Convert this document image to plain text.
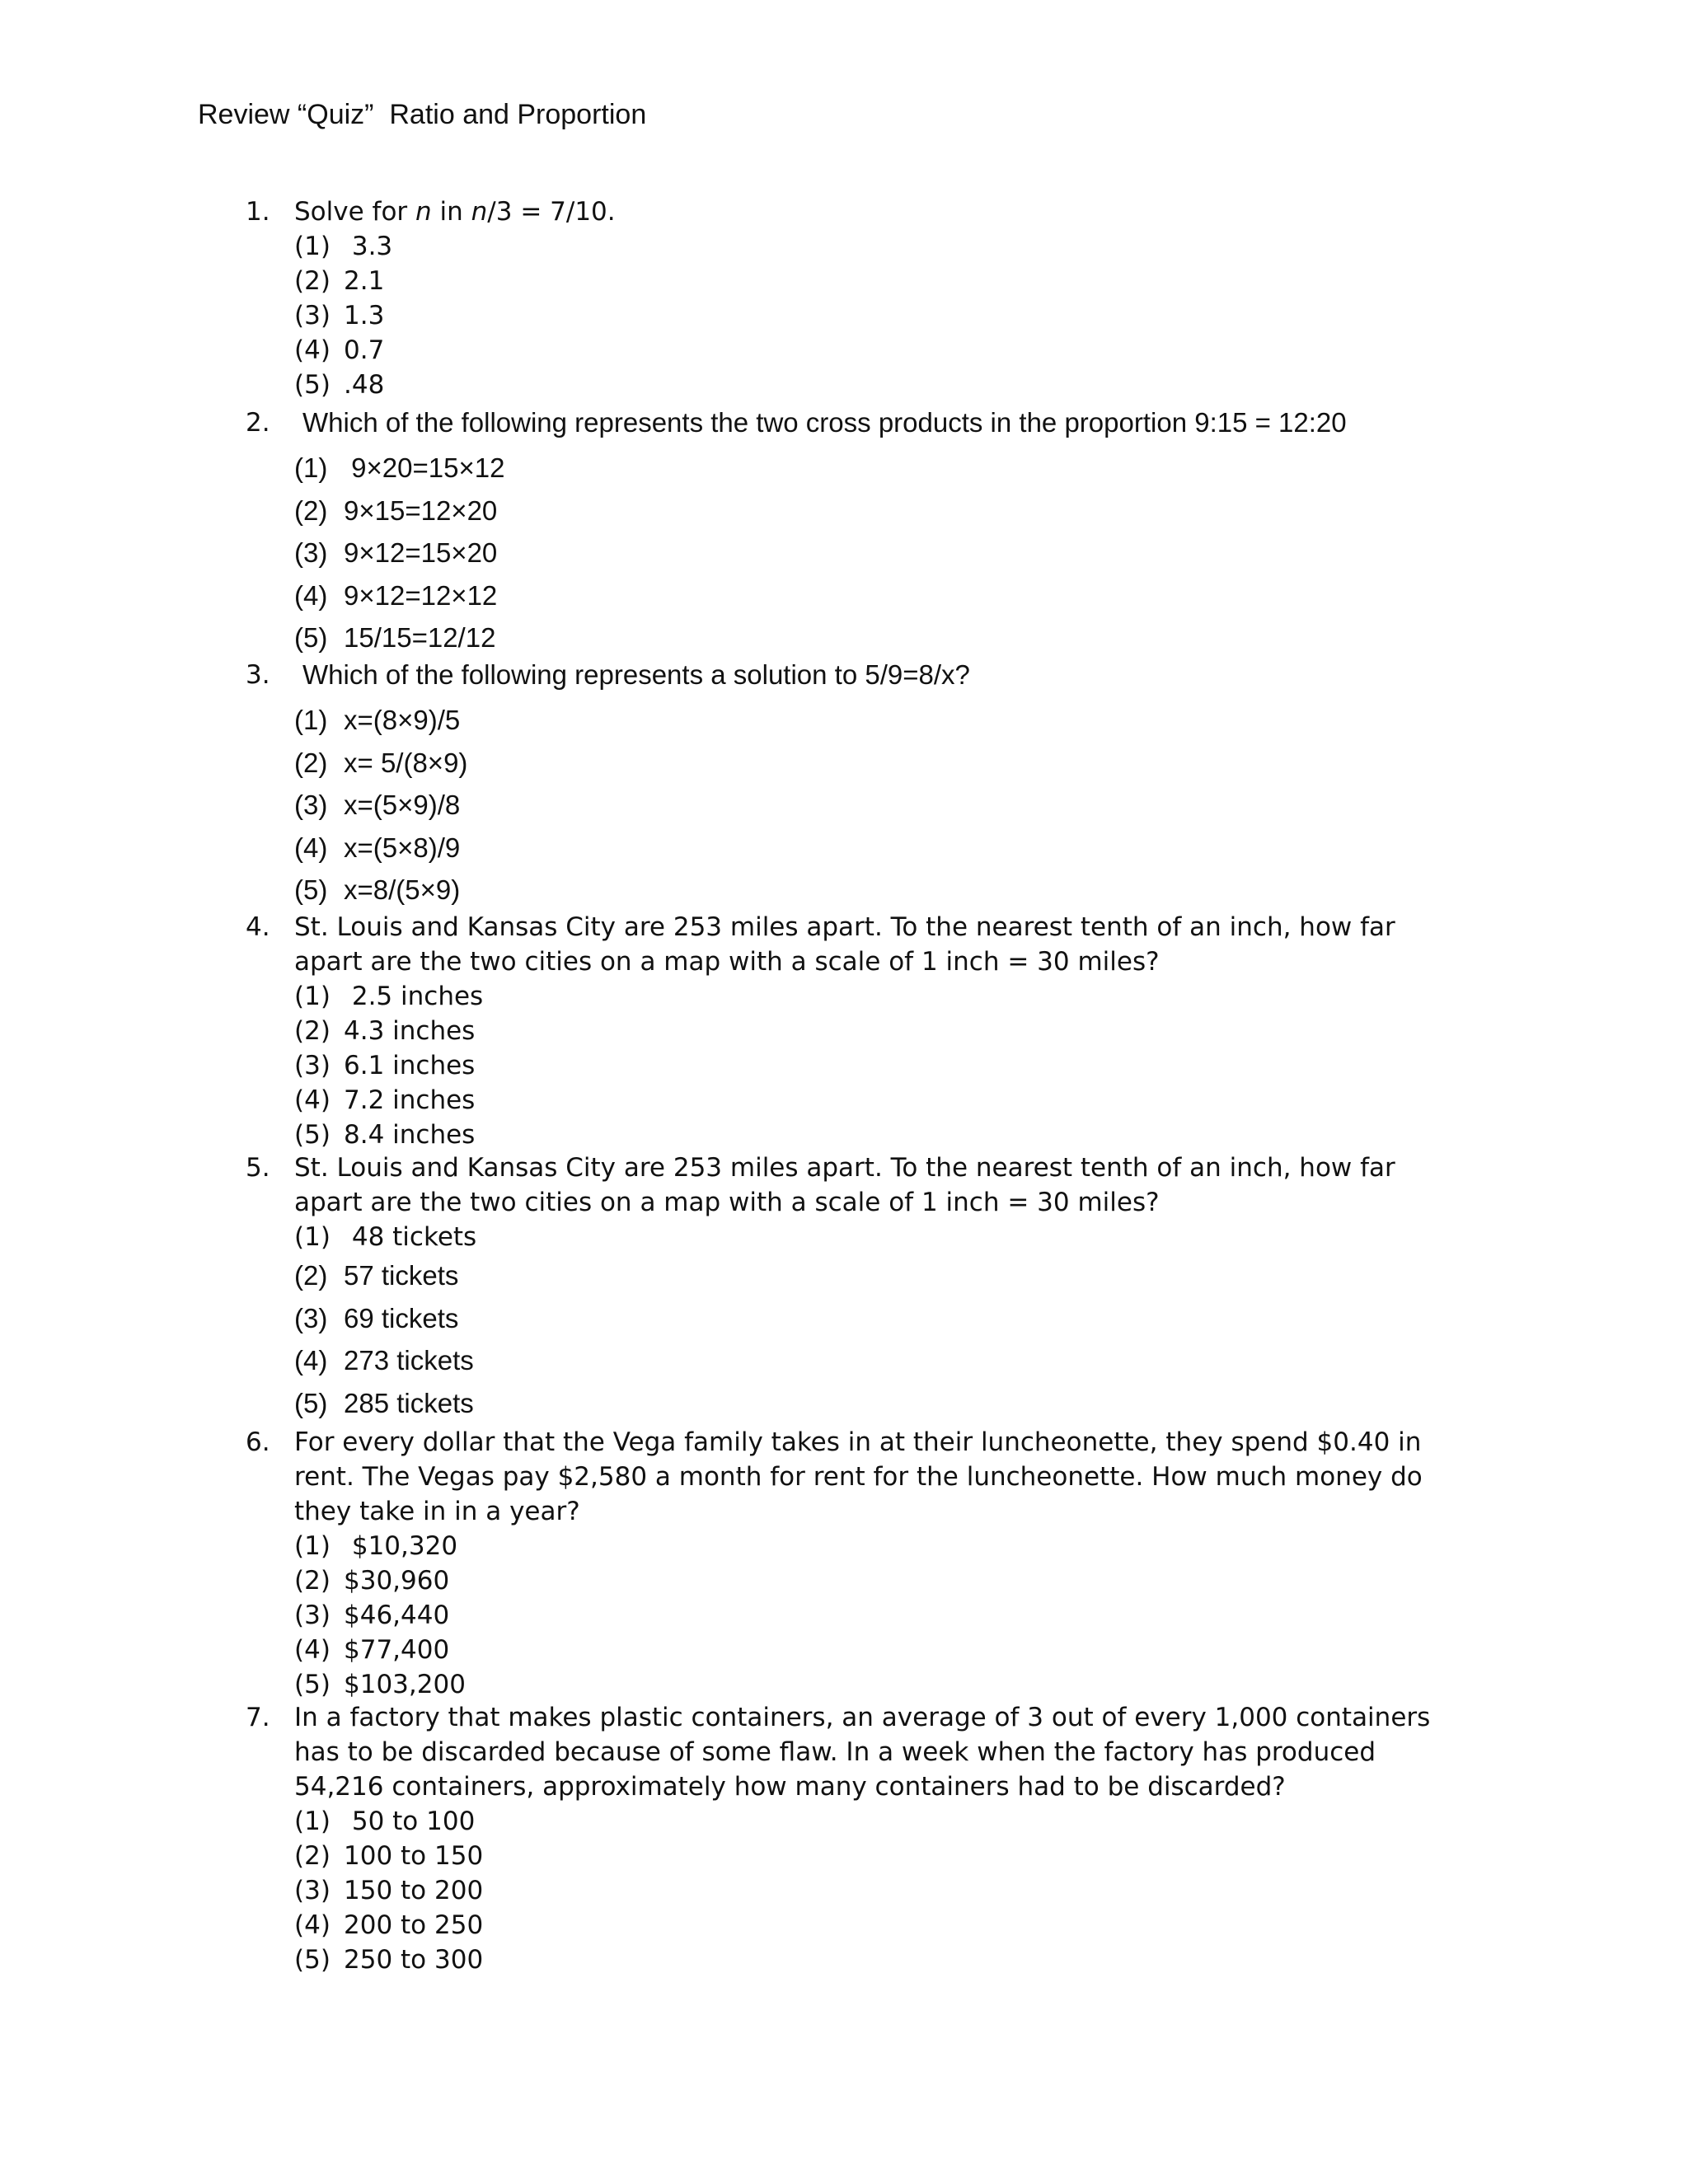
Review “Quiz”  Ratio and Proportion
1. Solve for n in n/3 = 7/10.
(1) 3.3
(2) 2.1
(3) 1.3
(4) 0.7
(5) .48
2.	Which of the following represents the two cross products in the proportion 9:15 = 12:20
(1) 9×20=15×12
(2) 9×15=12×20
(3) 9×12=15×20
(4) 9×12=12×12
(5) 15/15=12/12
3.	Which of the following represents a solution to 5/9=8/x?
(1) x=(8×9)/5
(2) x= 5/(8×9)
(3) x=(5×9)/8
(4) x=(5×8)/9
(5) x=8/(5×9)
4. St. Louis and Kansas City are 253 miles apart. To the nearest tenth of an inch, how far apart are the two cities on a map with a scale of 1 inch = 30 miles?
(1) 2.5 inches
(2) 4.3 inches
(3) 6.1 inches
(4) 7.2 inches
(5) 8.4 inches
5. St. Louis and Kansas City are 253 miles apart. To the nearest tenth of an inch, how far apart are the two cities on a map with a scale of 1 inch = 30 miles?
(1) 48 tickets
(2) 57 tickets
(3) 69 tickets
(4) 273 tickets
(5) 285 tickets
6. For every dollar that the Vega family takes in at their luncheonette, they spend $0.40 in rent. The Vegas pay $2,580 a month for rent for the luncheonette. How much money do they take in in a year?
(1) $10,320
(2) $30,960
(3) $46,440
(4) $77,400
(5) $103,200
7. In a factory that makes plastic containers, an average of 3 out of every 1,000 containers has to be discarded because of some flaw. In a week when the factory has produced 54,216 containers, approximately how many containers had to be discarded?
(1) 50 to 100
(2) 100 to 150
(3) 150 to 200
(4) 200 to 250
(5) 250 to 300
